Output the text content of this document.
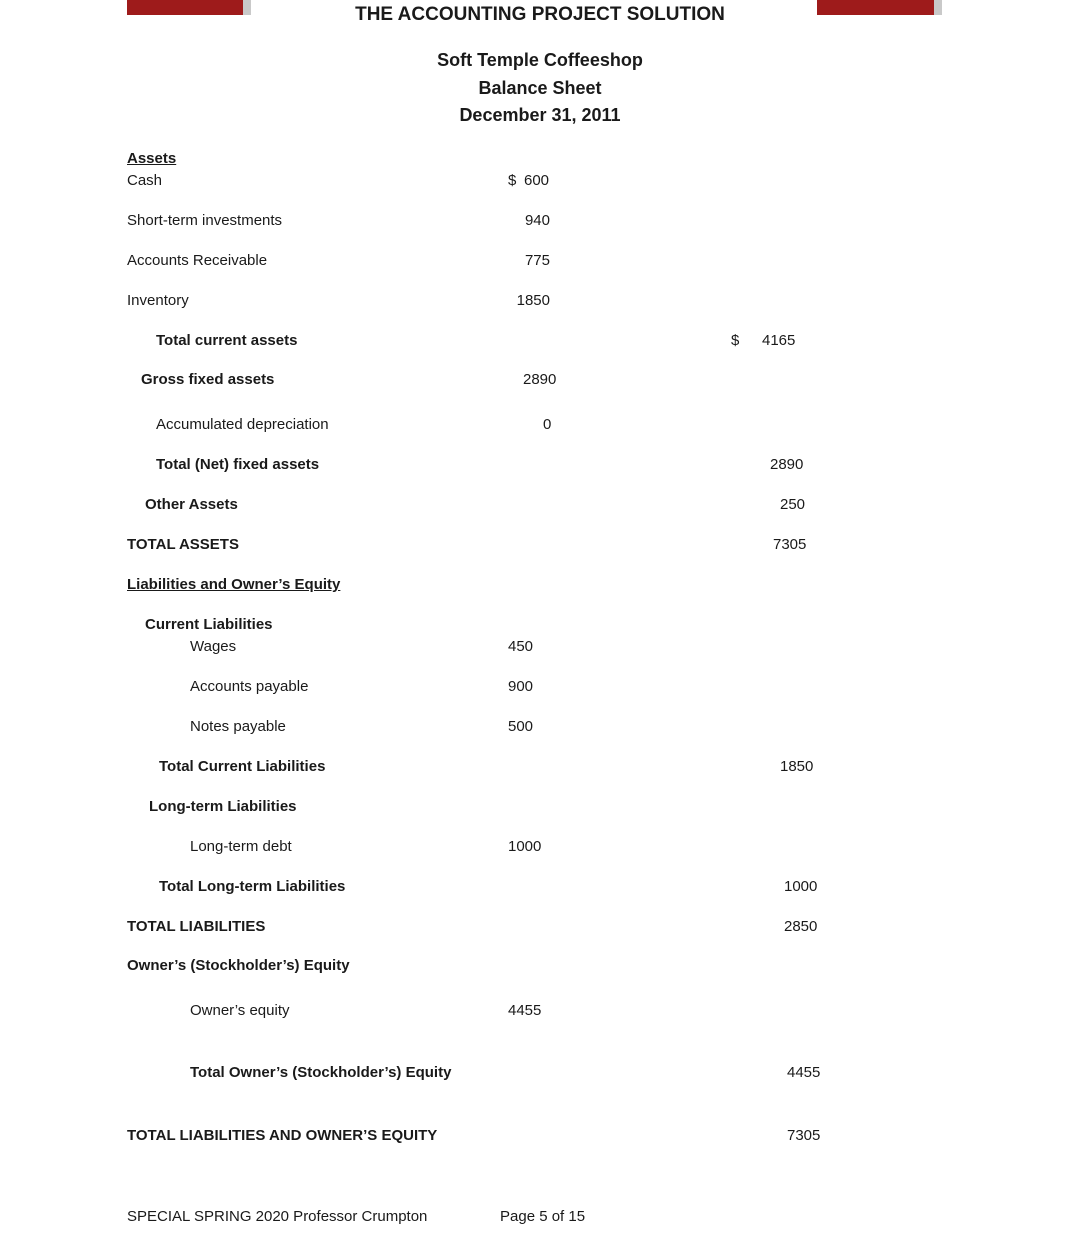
THE ACCOUNTING PROJECT SOLUTION
Soft Temple Coffeeshop
Balance Sheet
December 31, 2011
Assets
Cash	$ 600
Short-term investments	940
Accounts Receivable	775
Inventory	1850
Total current assets	$ 4165
Gross fixed assets	2890
Accumulated depreciation	0
Total (Net) fixed assets	2890
Other Assets	250
TOTAL ASSETS	7305
Liabilities and Owner’s Equity
Current Liabilities
Wages	450
Accounts payable	900
Notes payable	500
Total Current Liabilities	1850
Long-term Liabilities
Long-term debt	1000
Total Long-term Liabilities	1000
TOTAL LIABILITIES	2850
Owner’s (Stockholder’s) Equity
Owner’s equity	4455
Total Owner’s (Stockholder’s) Equity	4455
TOTAL LIABILITIES AND OWNER’S EQUITY	7305
SPECIAL SPRING 2020 Professor Crumpton	Page 5 of 15
